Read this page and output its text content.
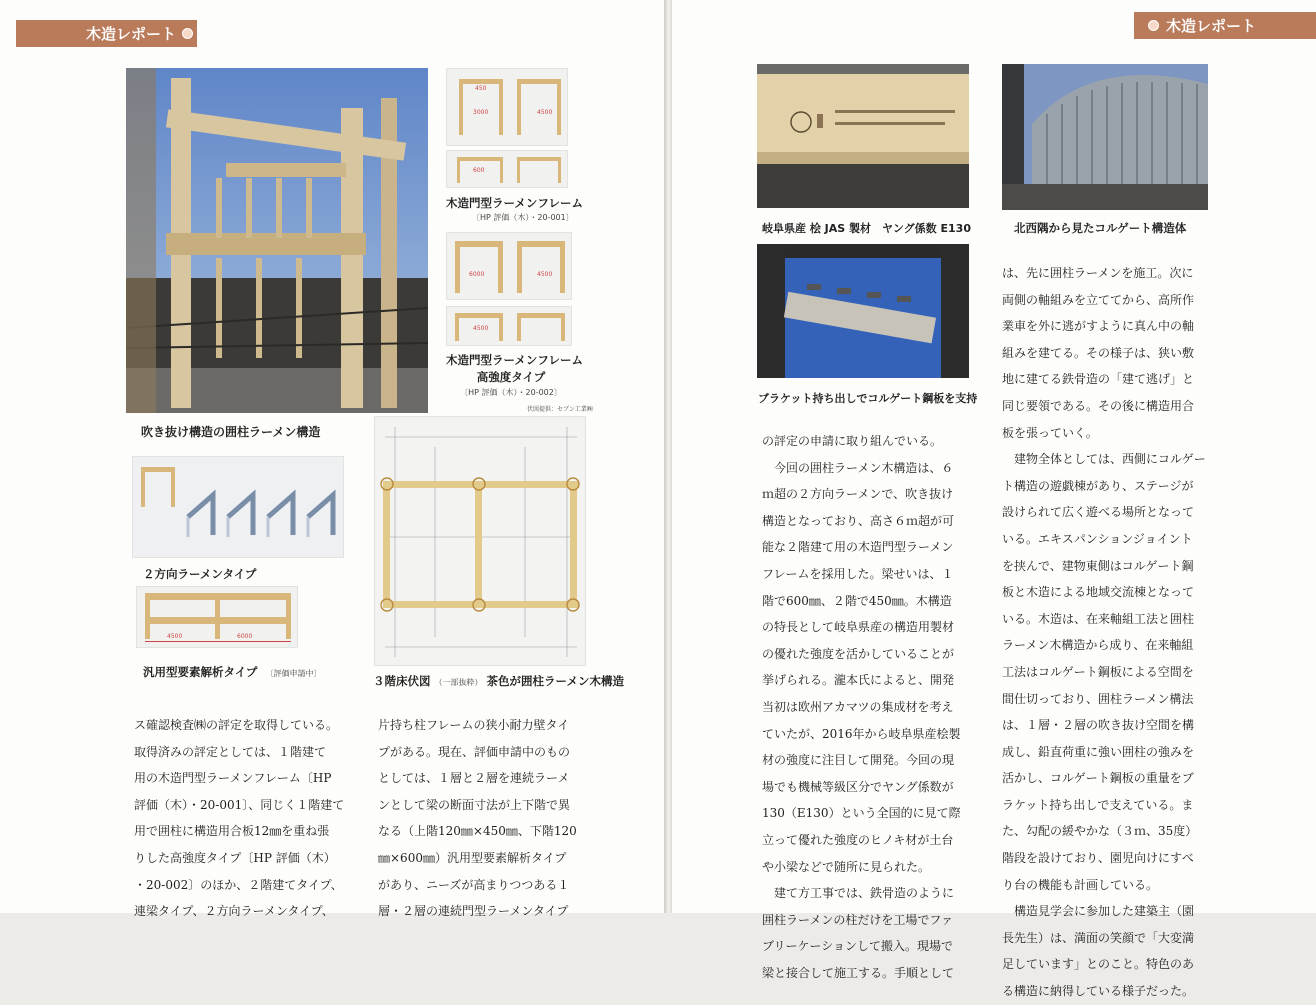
木造レポート
吹き抜け構造の囲柱ラーメン構造
450
3000	4500
600
木造門型ラーメンフレーム
〔HP 評価（木）・20-001〕
6000	4500
4500
木造門型ラーメンフレーム
高強度タイプ
〔HP 評価（木）・20-002〕
伏図提供：セブン工業㈱
２方向ラーメンタイプ
4500	6000
汎用型要素解析タイプ 〔評価申請中〕
３階床伏図 （一部抜粋） 茶色が囲柱ラーメン木構造

ス確認検査㈱の評定を取得している。

取得済みの評定としては、１階建て

用の木造門型ラーメンフレーム〔HP

評価（木）・20-001〕、同じく１階建て

用で囲柱に構造用合板12㎜を重ね張

りした高強度タイプ〔HP 評価（木）

・20-002〕のほか、２階建てタイプ、

連梁タイプ、２方向ラーメンタイプ、

片持ち柱フレームの狭小耐力壁タイ

プがある。現在、評価申請中のもの

としては、１層と２層を連続ラーメ

ンとして梁の断面寸法が上下階で異

なる（上階120㎜×450㎜、下階120

㎜×600㎜）汎用型要素解析タイプ

があり、ニーズが高まりつつある１

層・２層の連続門型ラーメンタイプ

木造レポート
岐阜県産 桧 JAS 製材　ヤング係数 E130	北西隅から見たコルゲート構造体
ブラケット持ち出しでコルゲート鋼板を支持

の評定の申請に取り組んでいる。

　今回の囲柱ラーメン木構造は、６

ｍ超の２方向ラーメンで、吹き抜け

構造となっており、高さ６ｍ超が可

能な２階建て用の木造門型ラーメン

フレームを採用した。梁せいは、１

階で600㎜、２階で450㎜。木構造

の特長として岐阜県産の構造用製材

の優れた強度を活かしていることが

挙げられる。瀧本氏によると、開発

当初は欧州アカマツの集成材を考え

ていたが、2016年から岐阜県産桧製

材の強度に注目して開発。今回の現

場でも機械等級区分でヤング係数が

130（E130）という全国的に見て際

立って優れた強度のヒノキ材が土台

や小梁などで随所に見られた。

　建て方工事では、鉄骨造のように

囲柱ラーメンの柱だけを工場でファ

ブリーケーションして搬入。現場で

梁と接合して施工する。手順として

は、先に囲柱ラーメンを施工。次に

両側の軸組みを立ててから、高所作

業車を外に逃がすように真ん中の軸

組みを建てる。その様子は、狭い敷

地に建てる鉄骨造の「建て逃げ」と

同じ要領である。その後に構造用合

板を張っていく。

　建物全体としては、西側にコルゲー

ト構造の遊戯棟があり、ステージが

設けられて広く遊べる場所となって

いる。エキスパンションジョイント

を挟んで、建物東側はコルゲート鋼

板と木造による地域交流棟となって

いる。木造は、在来軸組工法と囲柱

ラーメン木構造から成り、在来軸組

工法はコルゲート鋼板による空間を

間仕切っており、囲柱ラーメン構法

は、１層・２層の吹き抜け空間を構

成し、鉛直荷重に強い囲柱の強みを

活かし、コルゲート鋼板の重量をブ

ラケット持ち出しで支えている。ま

た、勾配の緩やかな（３ｍ、35度）

階段を設けており、園児向けにすべ

り台の機能も計画している。

　構造見学会に参加した建築主（園

長先生）は、満面の笑顔で「大変満

足しています」とのこと。特色のあ

る構造に納得している様子だった。
